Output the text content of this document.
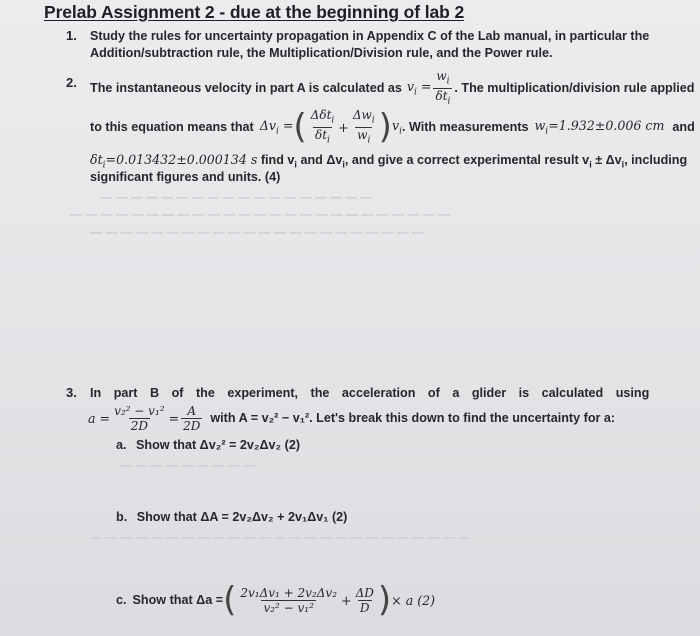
Prelab Assignment 2 - due at the beginning of lab 2
1. Study the rules for uncertainty propagation in Appendix C of the Lab manual, in particular the
Addition/subtraction rule, the Multiplication/Division rule, and the Power rule.
2. The instantaneous velocity in part A is calculated as $v_i = \frac{w_i}{\delta t_i}$ . The multiplication/division rule applied
to this equation means that $\Delta v_i$ = ( $\frac{\Delta\delta t_i}{\delta t_i} + \frac{\Delta w_i}{w_i}$ ) $v_i$ . With measurements $w_i=1.932\pm 0.006$ cm and
$\delta t_i=0.013432\pm 0.000134$ s find $v_i$ and $\Delta v_i$, and give a correct experimental result $v_i \pm \Delta v_i$, including
significant figures and units. (4)
— — — — — — — — — — — — — — — — — —
— — — — — — — — — — — — — — — — — — — — — — — — —
— — — — — — — — — — — — — — — — — — — — — —
3. In part B of the experiment, the acceleration of a glider is calculated using
$a = \frac{\text{v₂² − v₁²}}{2D} = \frac{A}{2D}$ with A = v₂² − v₁². Let's break this down to find the uncertainty for a:
a. Show that Δv₂² = 2v₂Δv₂ (2)
— — — — — — — — —
b. Show that ΔA = 2v₂Δv₂ + 2v₁Δv₁ (2)
— — — — — — — — — — — — — — — — — — — — — — — — —
c. Show that Δa = ( $\frac{\text{2v₁Δv₁ + 2v₂Δv₂}}{\text{v₂² − v₁²}} + \frac{\Delta D}{D}$ ) × a (2)
